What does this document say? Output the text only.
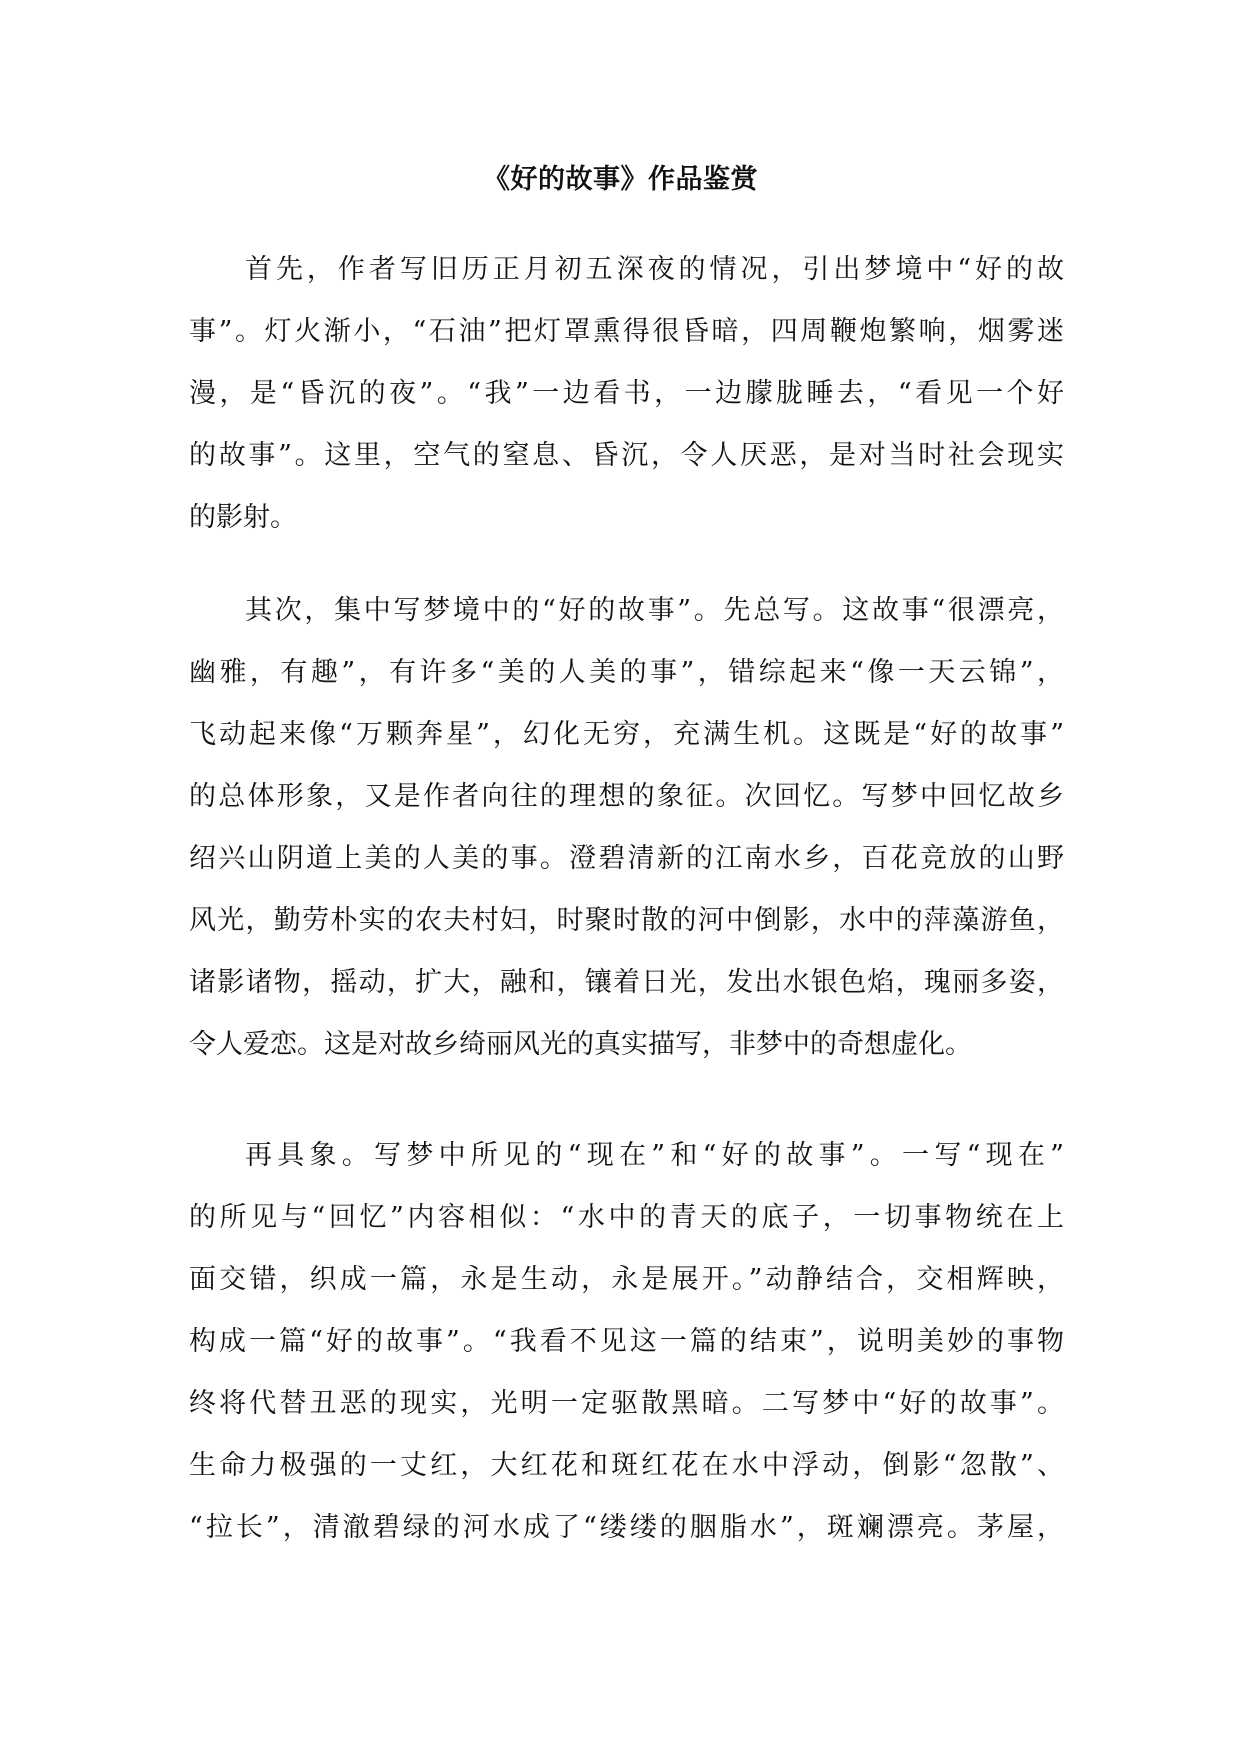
《好的故事》作品鉴赏
首先，作者写旧历正月初五深夜的情况，引出梦境中“好的故
事”。灯火渐小，“石油”把灯罩熏得很昏暗，四周鞭炮繁响，烟雾迷
漫，是“昏沉的夜”。“我”一边看书，一边朦胧睡去，“看见一个好
的故事”。这里，空气的窒息、昏沉，令人厌恶，是对当时社会现实
的影射。
其次，集中写梦境中的“好的故事”。先总写。这故事“很漂亮，
幽雅，有趣”，有许多“美的人美的事”，错综起来“像一天云锦”，
飞动起来像“万颗奔星”，幻化无穷，充满生机。这既是“好的故事”
的总体形象，又是作者向往的理想的象征。次回忆。写梦中回忆故乡
绍兴山阴道上美的人美的事。澄碧清新的江南水乡，百花竞放的山野
风光，勤劳朴实的农夫村妇，时聚时散的河中倒影，水中的萍藻游鱼，
诸影诸物，摇动，扩大，融和，镶着日光，发出水银色焰，瑰丽多姿，
令人爱恋。这是对故乡绮丽风光的真实描写，非梦中的奇想虚化。
再具象。写梦中所见的“现在”和“好的故事”。一写“现在”
的所见与“回忆”内容相似：“水中的青天的底子，一切事物统在上
面交错，织成一篇，永是生动，永是展开。”动静结合，交相辉映，
构成一篇“好的故事”。“我看不见这一篇的结束”，说明美妙的事物
终将代替丑恶的现实，光明一定驱散黑暗。二写梦中“好的故事”。
生命力极强的一丈红，大红花和斑红花在水中浮动，倒影“忽散”、
“拉长”，清澈碧绿的河水成了“缕缕的胭脂水”，斑斓漂亮。茅屋，
